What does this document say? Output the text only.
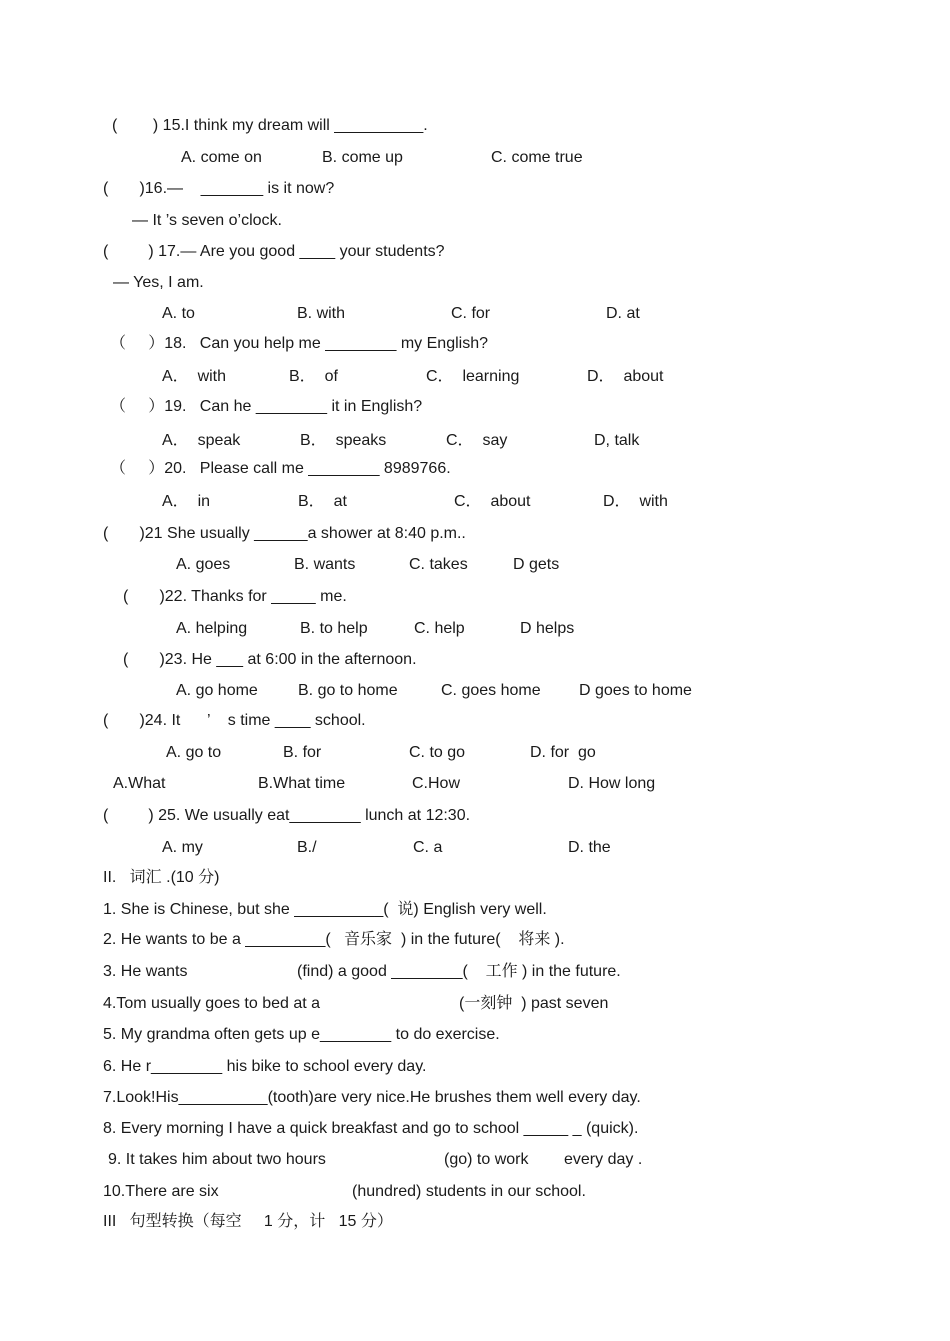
(        ) 15.I think my dream will __________.
A. come on	B. come up	C. come true
(       )16.—    _______ is it now?
— It ’s seven o’clock.
(         ) 17.— Are you good ____ your students?
— Yes, I am.
A. to	B. with	C. for	D. at
（     ）18.   Can you help me ________ my English?
A．  with	B．  of	C．  learning	D．  about
（     ）19.   Can he ________ it in English?
A．  speak	B．  speaks	C．  say	D, talk
（     ）20.   Please call me ________ 8989766.
A．  in	B．  at	C．  about	D．  with
(       )21 She usually ______a shower at 8:40 p.m..
A. goes	B. wants	C. takes	D gets
(       )22. Thanks for _____ me.
A. helping	B. to help	C. help	D helps
(       )23. He ___ at 6:00 in the afternoon.
A. go home	B. go to home	C. goes home D goes to home
(       )24. It      ’    s time ____ school.
A. go to	B. for	C. to go	D. for  go
A.What	B.What time	C.How	D. How long
(         ) 25. We usually eat________ lunch at 12:30.
A. my	B./	C. a	D. the
II.   词汇 .(10 分)
1. She is Chinese, but she __________(  说) English very well.
2. He wants to be a _________(   音乐家  ) in the future(    将来 ).
3. He wants	(find) a good ________(    工作 ) in the future.
4.Tom usually goes to bed at a	(一刻钟  ) past seven
5. My grandma often gets up e________ to do exercise.
6. He r________ his bike to school every day.
7.Look!His__________(tooth)are very nice.He brushes them well every day.
8. Every morning I have a quick breakfast and go to school _____ _ (quick).
9. It takes him about two hours	(go) to work every day .
10.There are six	(hundred) students in our school.
III   句型转换（每空     1 分，计   15 分）
